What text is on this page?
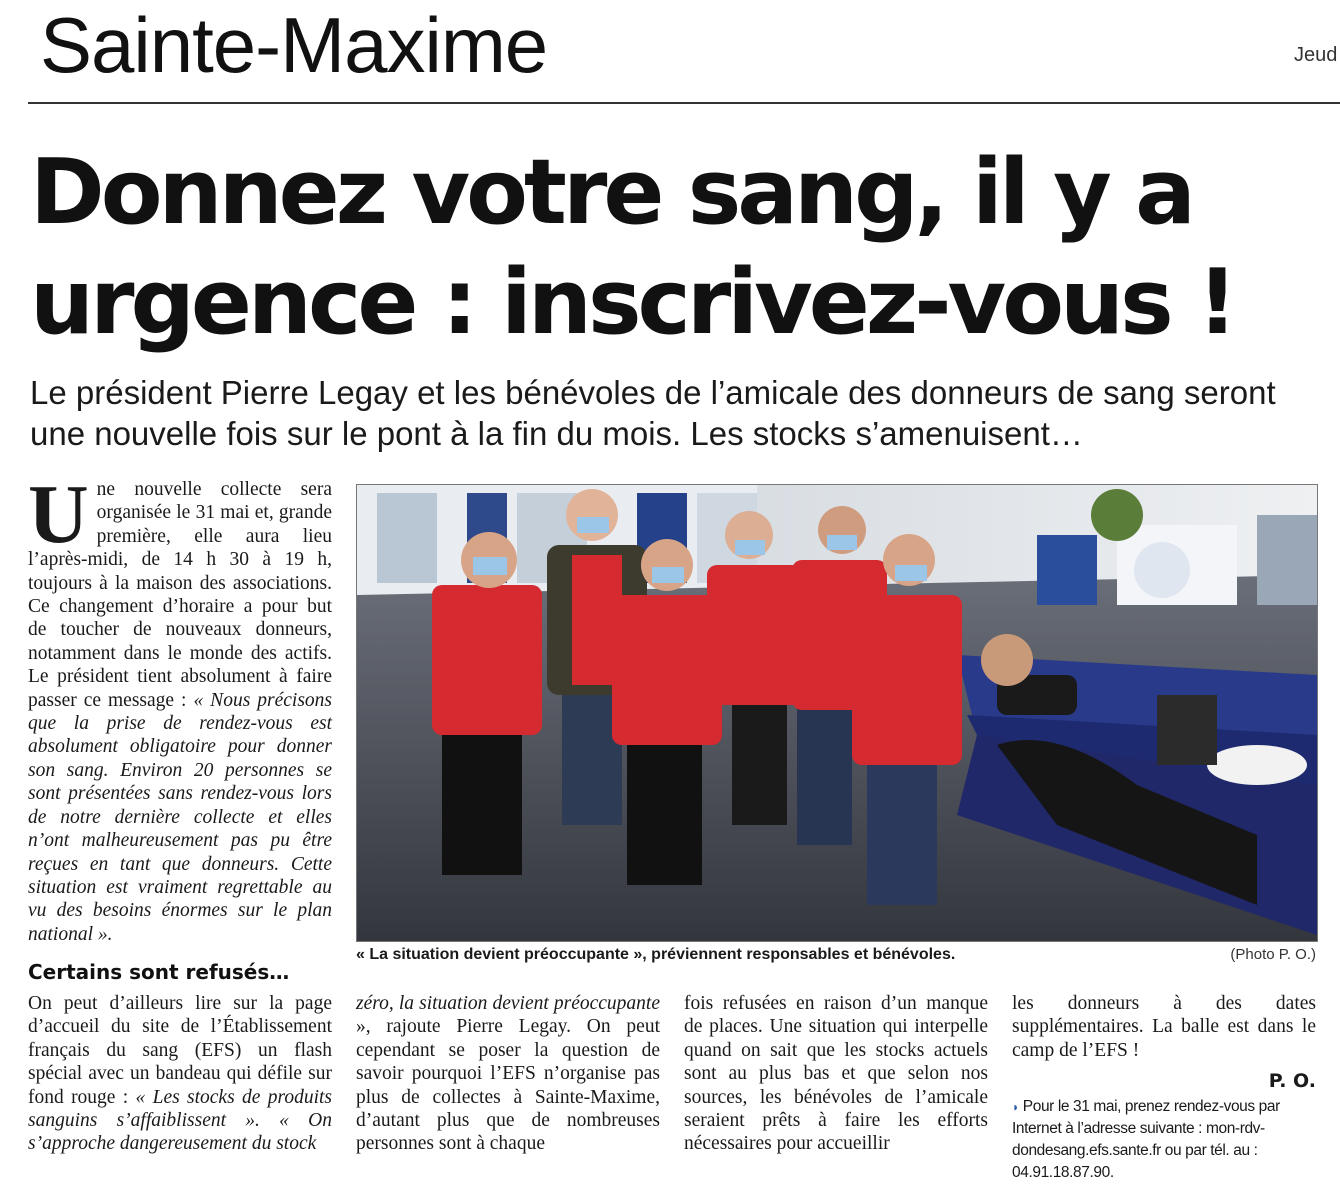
Sainte-Maxime	Jeud
Donnez votre sang, il y a urgence : inscrivez-vous !

Le président Pierre Legay et les bénévoles de l’amicale des donneurs de sang seront une nouvelle fois sur le pont à la fin du mois. Les stocks s’amenuisent…

Une nouvelle collecte sera organisée le 31 mai et, grande première, elle aura lieu l’après-midi, de 14 h 30 à 19 h, toujours à la maison des associations. Ce changement d’horaire a pour but de toucher de nouveaux donneurs, notamment dans le monde des actifs. Le président tient absolument à faire passer ce message : « Nous précisons que la prise de rendez-vous est absolument obligatoire pour donner son sang. Environ 20 personnes se sont présentées sans rendez-vous lors de notre dernière collecte et elles n’ont malheureusement pas pu être reçues en tant que donneurs. Cette situation est vraiment regrettable au vu des besoins énormes sur le plan national ».

« La situation devient préoccupante », préviennent responsables et bénévoles.	(Photo P. O.)
Certains sont refusés…

On peut d’ailleurs lire sur la page d’accueil du site de l’Établissement français du sang (EFS) un flash spécial avec un bandeau qui défile sur fond rouge : « Les stocks de produits sanguins s’affaiblissent ». « On s’approche dangereusement du stock

zéro, la situation devient préoccupante », rajoute Pierre Legay. On peut cependant se poser la question de savoir pourquoi l’EFS n’organise pas plus de collectes à Sainte-Maxime, d’autant plus que de nombreuses personnes sont à chaque

fois refusées en raison d’un manque de places. Une situation qui interpelle quand on sait que les stocks actuels sont au plus bas et que selon nos sources, les bénévoles de l’amicale seraient prêts à faire les efforts nécessaires pour accueillir

les donneurs à des dates supplémentaires. La balle est dans le camp de l’EFS !

P. O.

◗ Pour le 31 mai, prenez rendez-vous par Internet à l’adresse suivante : mon-rdv-dondesang.efs.sante.fr ou par tél. au : 04.91.18.87.90.
